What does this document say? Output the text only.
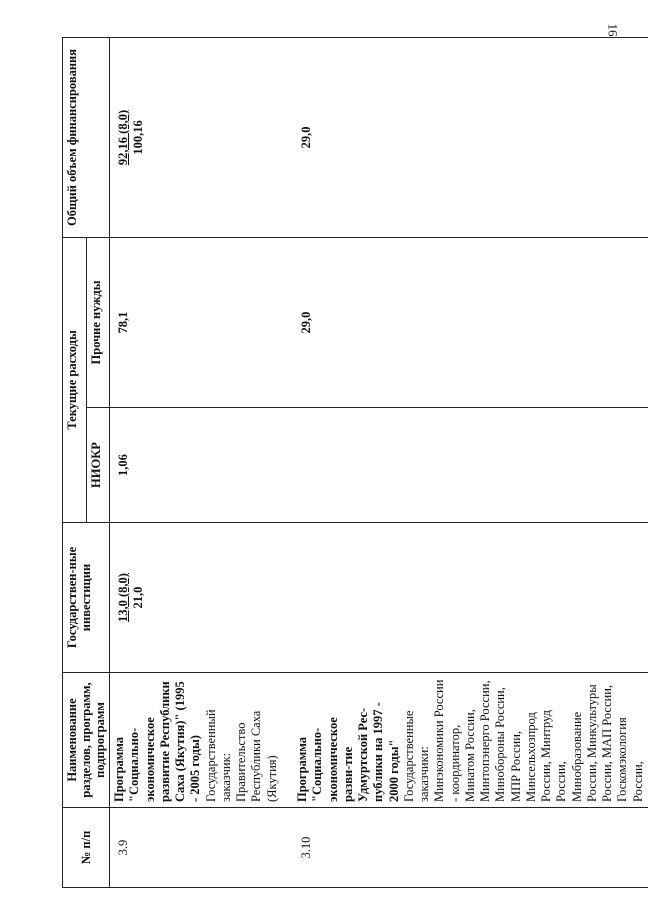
16
№ п/п	Наименование разделов, программ, подпрограмм	Государствен-ные инвестиции	Текущие расходы		Общий объем финансирования
			НИОКР	Прочие нужды	
3.9	Программа "Социально-экономическое развитие Республики Саха (Якутия)" (1995 - 2005 годы) Государственный заказчик: Правительство Республики Саха (Якутия)	13,0 (8,0) 21,0	1,06	78,1	92,16 (8,0) 100,16

3.10	Программа "Социально-экономическое разви-тие Удмуртской Рес-публики на 1997 - 2000 годы" Государственные заказчики: Минэкономики России - координатор, Минатом России, Минтопэнерго России, Минобороны России, МПР России, Минсельхозпрод России, Минтруд России, Минобразование России, Минкультуры России, МАП России, Госкомэкология России,			29,0	29,0
